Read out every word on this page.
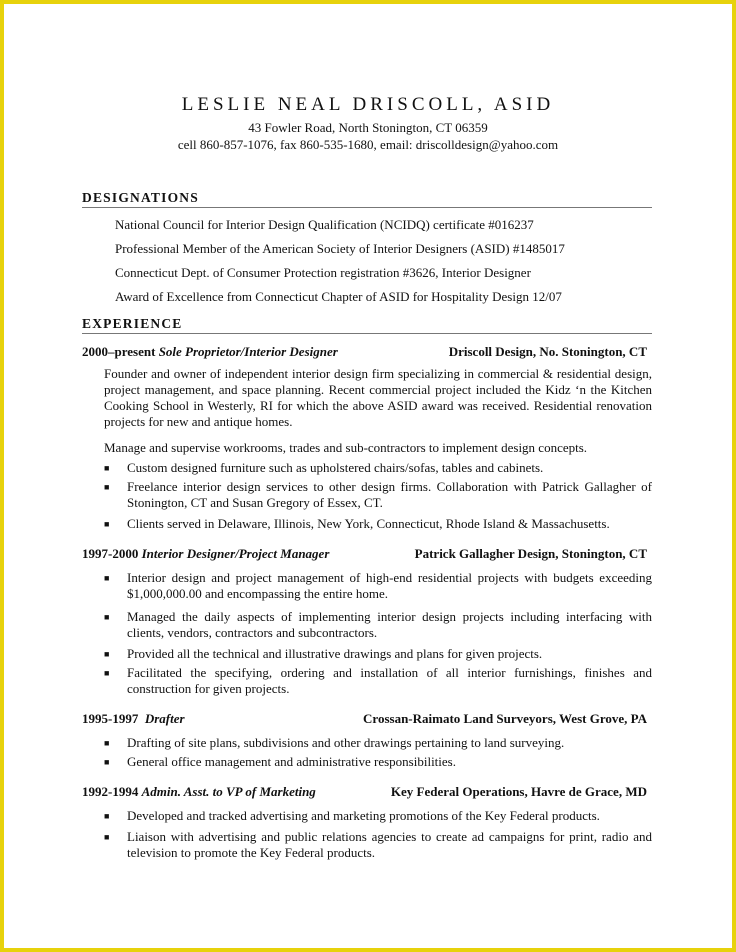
LESLIE NEAL DRISCOLL, ASID
43 Fowler Road, North Stonington, CT 06359
cell 860-857-1076, fax 860-535-1680, email: driscolldesign@yahoo.com
DESIGNATIONS
National Council for Interior Design Qualification (NCIDQ) certificate #016237
Professional Member of the American Society of Interior Designers (ASID) #1485017
Connecticut Dept. of Consumer Protection registration #3626, Interior Designer
Award of Excellence from Connecticut Chapter of ASID for Hospitality Design 12/07
EXPERIENCE
2000–present Sole Proprietor/Interior Designer	Driscoll Design, No. Stonington, CT
Founder and owner of independent interior design firm specializing in commercial & residential design, project management, and space planning. Recent commercial project included the Kidz ‘n the Kitchen Cooking School in Westerly, RI for which the above ASID award was received. Residential renovation projects for new and antique homes.
Manage and supervise workrooms, trades and sub-contractors to implement design concepts.
■	Custom designed furniture such as upholstered chairs/sofas, tables and cabinets.
■	Freelance interior design services to other design firms. Collaboration with Patrick Gallagher of Stonington, CT and Susan Gregory of Essex, CT.
■	Clients served in Delaware, Illinois, New York, Connecticut, Rhode Island & Massachusetts.
1997-2000 Interior Designer/Project Manager	Patrick Gallagher Design, Stonington, CT
■	Interior design and project management of high-end residential projects with budgets exceeding $1,000,000.00 and encompassing the entire home.
■	Managed the daily aspects of implementing interior design projects including interfacing with clients, vendors, contractors and subcontractors.
■	Provided all the technical and illustrative drawings and plans for given projects.
■	Facilitated the specifying, ordering and installation of all interior furnishings, finishes and construction for given projects.
1995-1997 Drafter	Crossan-Raimato Land Surveyors, West Grove, PA
■	Drafting of site plans, subdivisions and other drawings pertaining to land surveying.
■	General office management and administrative responsibilities.
1992-1994 Admin. Asst. to VP of Marketing	Key Federal Operations, Havre de Grace, MD
■	Developed and tracked advertising and marketing promotions of the Key Federal products.
■	Liaison with advertising and public relations agencies to create ad campaigns for print, radio and television to promote the Key Federal products.
